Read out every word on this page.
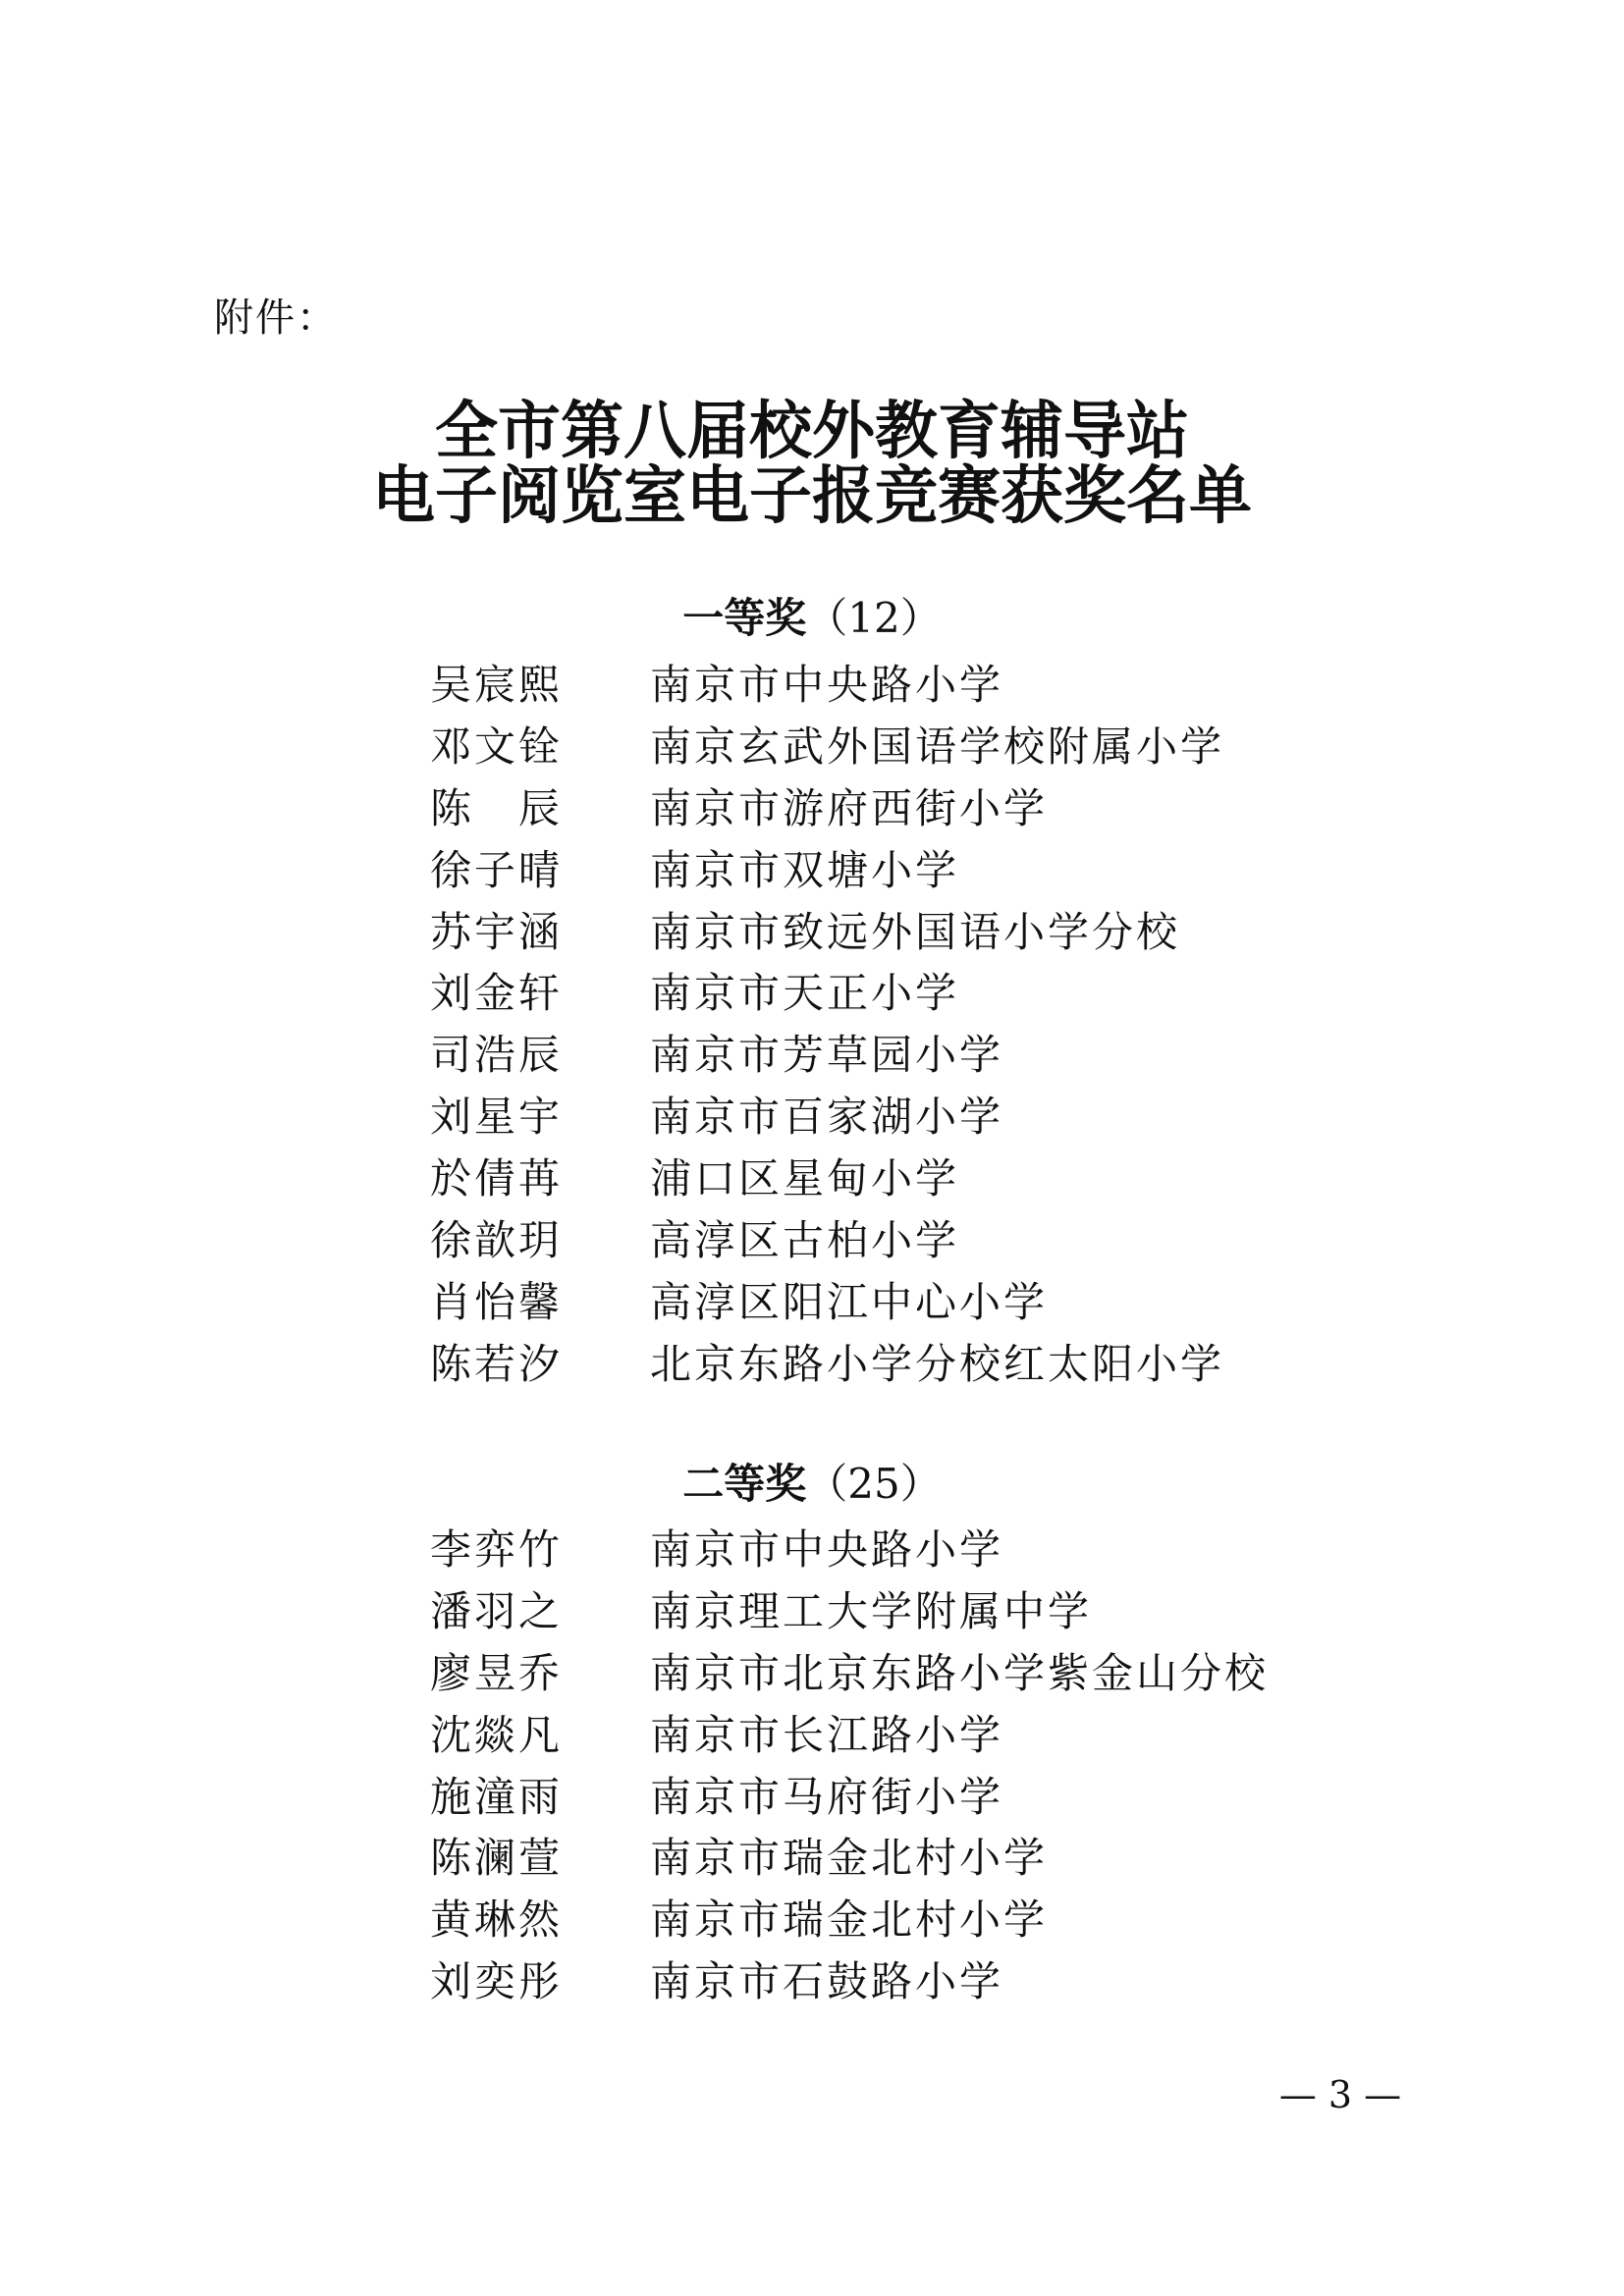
附件：
全市第八届校外教育辅导站
电子阅览室电子报竞赛获奖名单
一等奖（12）
吴宸熙 南京市中央路小学
邓文铨 南京玄武外国语学校附属小学
陈辰 南京市游府西街小学
徐子晴 南京市双塘小学
苏宇涵 南京市致远外国语小学分校
刘金轩 南京市天正小学
司浩辰 南京市芳草园小学
刘星宇 南京市百家湖小学
於倩苒 浦口区星甸小学
徐歆玥 高淳区古柏小学
肖怡馨 高淳区阳江中心小学
陈若汐 北京东路小学分校红太阳小学
二等奖（25）
李弈竹 南京市中央路小学
潘羽之 南京理工大学附属中学
廖昱乔 南京市北京东路小学紫金山分校
沈燚凡 南京市长江路小学
施潼雨 南京市马府街小学
陈澜萱 南京市瑞金北村小学
黄琳然 南京市瑞金北村小学
刘奕彤 南京市石鼓路小学
— 3 —
